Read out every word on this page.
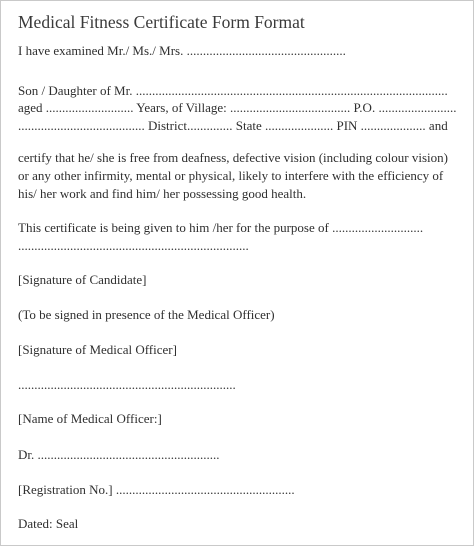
Medical Fitness Certificate Form Format
I have examined Mr./ Ms./ Mrs. .................................................
Son / Daughter of Mr. ................................................................................................
aged ........................... Years, of Village: ..................................... P.O. ........................
....................................... District.............. State ..................... PIN .................... and
certify that he/ she is free from deafness, defective vision (including colour vision) or any other infirmity, mental or physical, likely to interfere with the efficiency of his/ her work and find him/ her possessing good health.
This certificate is being given to him /her for the purpose of ............................
.......................................................................
[Signature of Candidate]
(To be signed in presence of the Medical Officer)
[Signature of Medical Officer]
...................................................................
[Name of Medical Officer:]
Dr. ........................................................
[Registration No.] .......................................................
Dated: Seal
